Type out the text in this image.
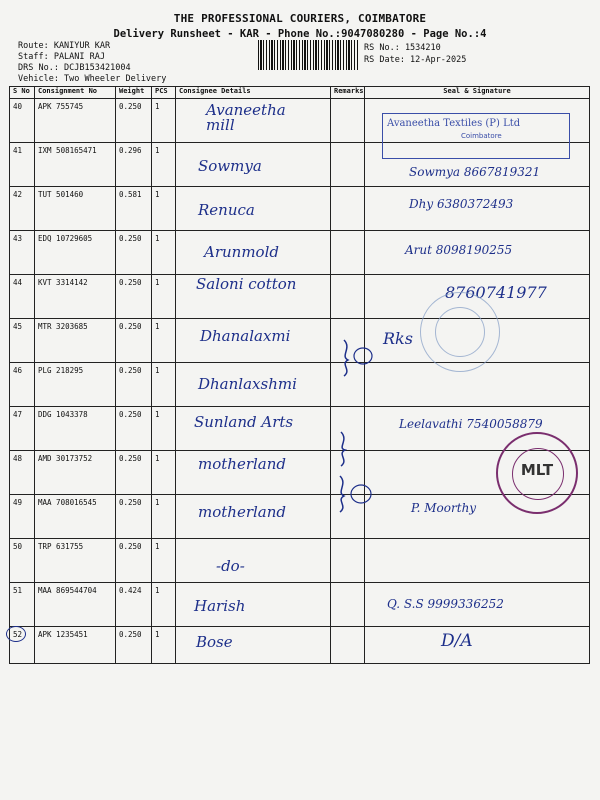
THE PROFESSIONAL COURIERS, COIMBATORE
Delivery Runsheet - KAR - Phone No.:9047080280 - Page No.:4
Route: KANIYUR KAR
Staff: PALANI RAJ
DRS No.: DCJB153421004
Vehicle: Two Wheeler Delivery
RS No.: 1534210
RS Date: 12-Apr-2025
S No	Consignment No	Weight	PCS	Consignee Details	Remarks	Seal & Signature
40	APK 755745	0.250	1	Avaneetha mill		

41	IXM 508165471	0.296	1	Sowmya		Sowmya 8667819321

42	TUT 501460	0.581	1	Renuca		Dhy 6380372493

43	EDQ 10729605	0.250	1	Arunmold		Arut 8098190255

44	KVT 3314142	0.250	1	Saloni cotton		8760741977

45	MTR 3203685	0.250	1	Dhanalaxmi		Rks

46	PLG 218295	0.250	1	Dhanlaxshmi		

47	DDG 1043378	0.250	1	Sunland Arts		Leelavathi 7540058879

48	AMD 30173752	0.250	1	motherland		

49	MAA 708016545	0.250	1	motherland		P. Moorthy

50	TRP 631755	0.250	1	-do-		

51	MAA 869544704	0.424	1	Harish		Q. S.S 9999336252

52	APK 1235451	0.250	1	Bose		D/A
Avaneetha Textiles (P) Ltd
Coimbatore
MLT
